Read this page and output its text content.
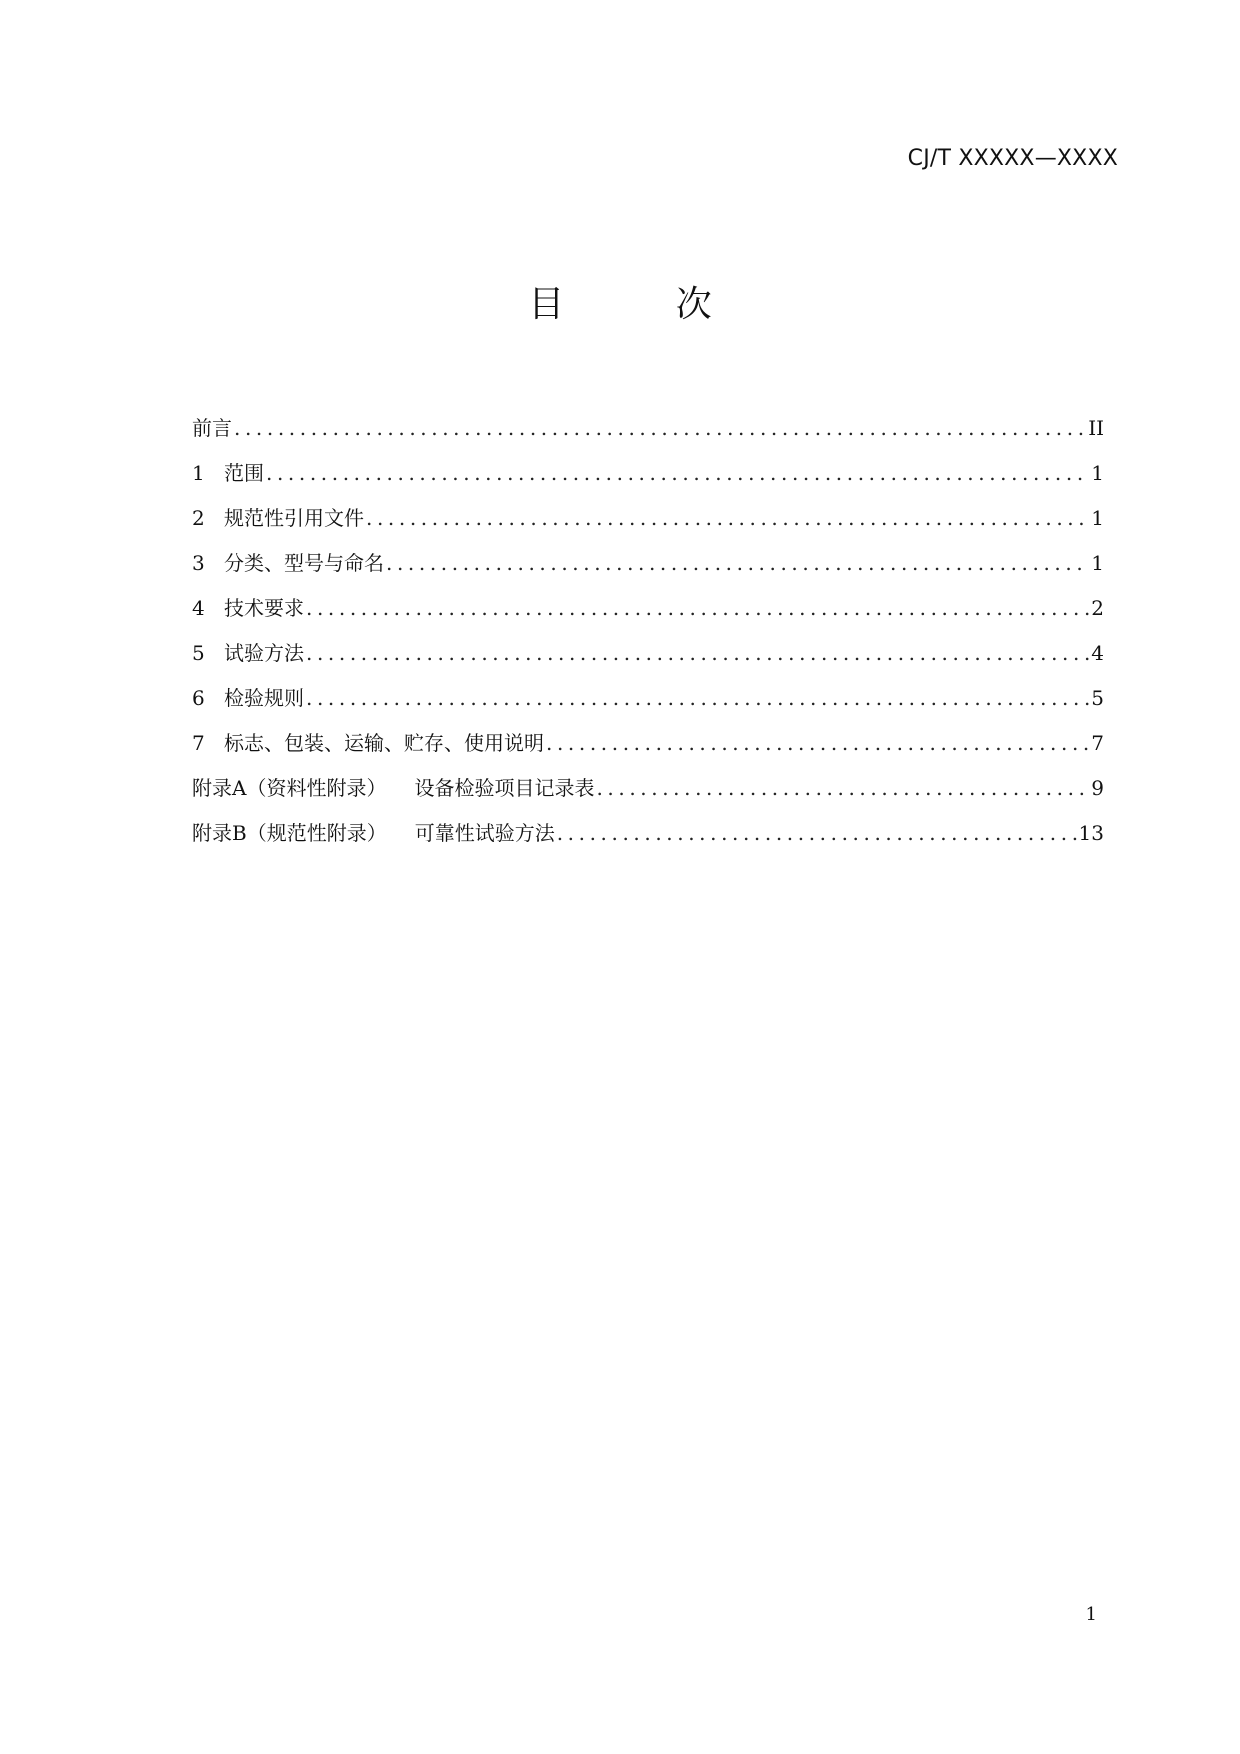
CJ/T XXXXX—XXXX
目 次
前言 .....	II
1 范围 .....	1
2 规范性引用文件 .....	1
3 分类、型号与命名 .....	1
4 技术要求 .....	2
5 试验方法 .....	4
6 检验规则 .....	5
7 标志、包装、运输、贮存、使用说明 .....	7
附录A（资料性附录） 设备检验项目记录表 .....	9
附录B（规范性附录） 可靠性试验方法 .....	13
1
